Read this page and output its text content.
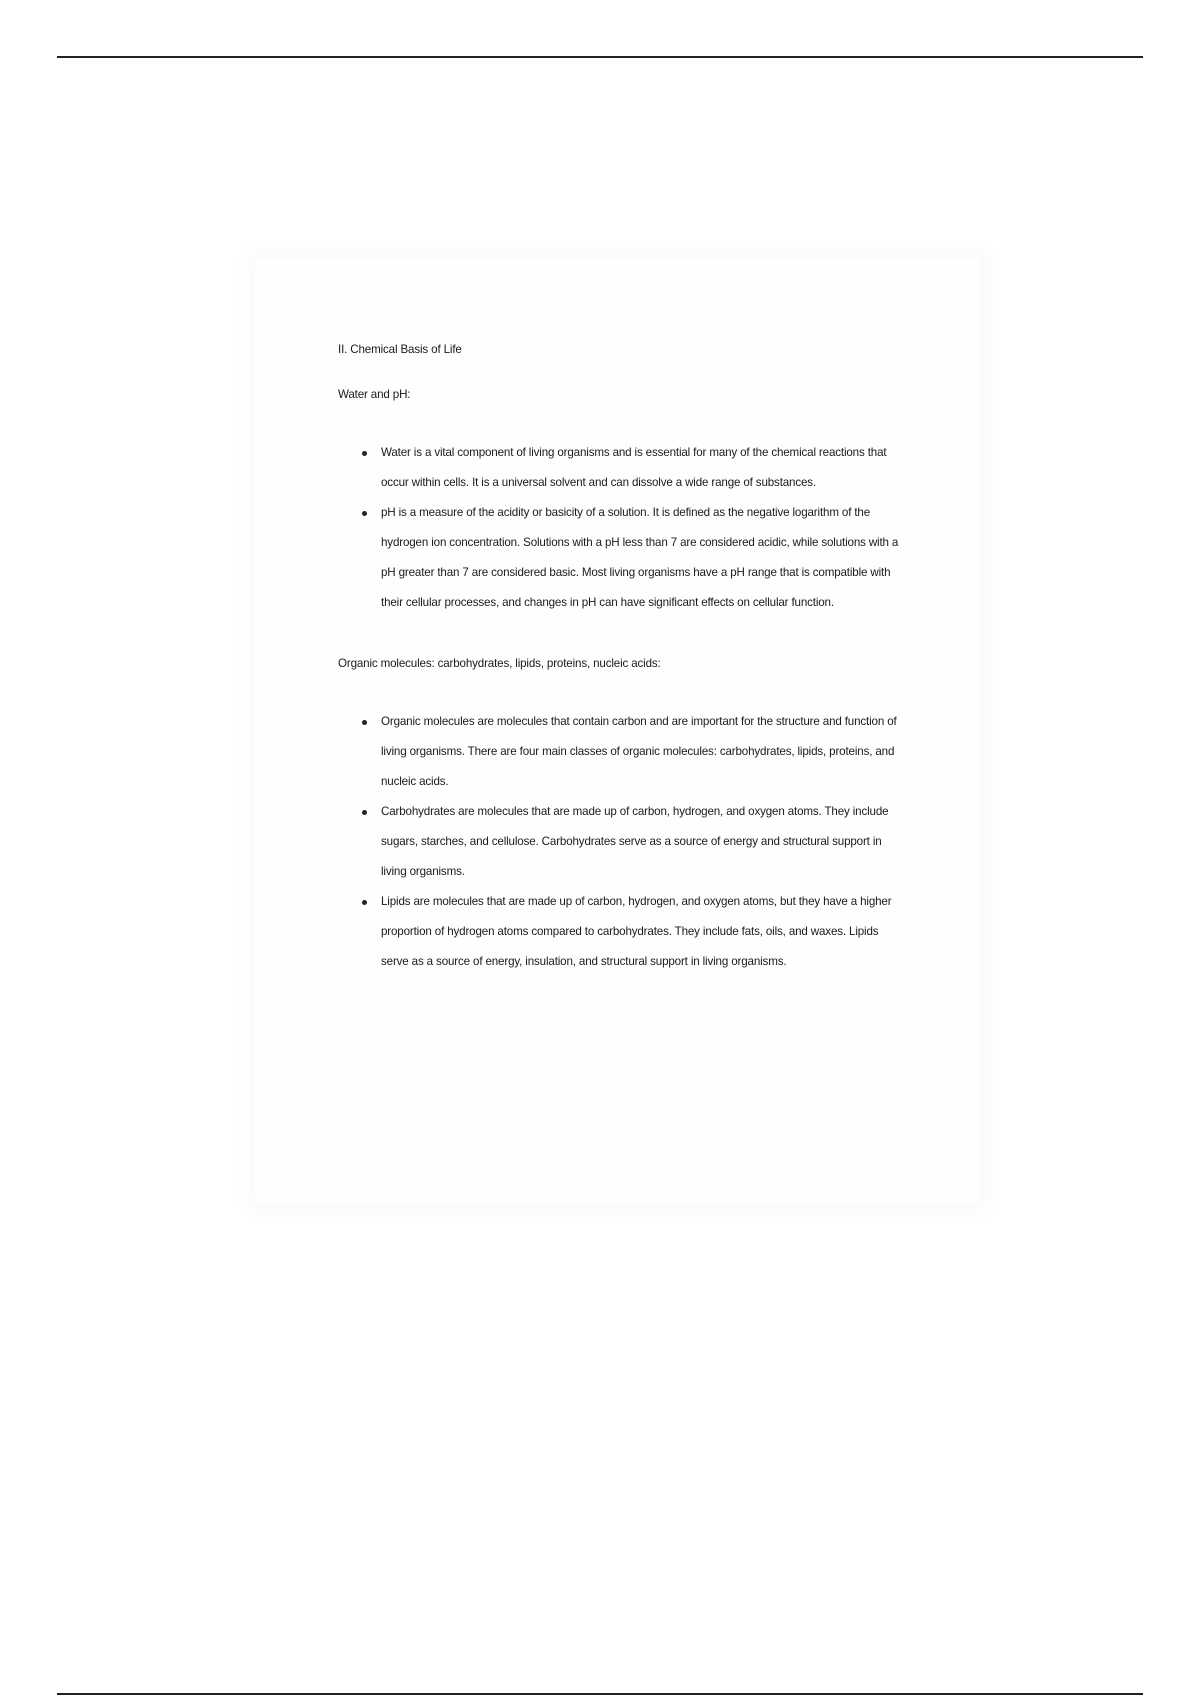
II. Chemical Basis of Life
Water and pH:
Water is a vital component of living organisms and is essential for many of the chemical reactions that occur within cells. It is a universal solvent and can dissolve a wide range of substances.
pH is a measure of the acidity or basicity of a solution. It is defined as the negative logarithm of the hydrogen ion concentration. Solutions with a pH less than 7 are considered acidic, while solutions with a pH greater than 7 are considered basic. Most living organisms have a pH range that is compatible with their cellular processes, and changes in pH can have significant effects on cellular function.
Organic molecules: carbohydrates, lipids, proteins, nucleic acids:
Organic molecules are molecules that contain carbon and are important for the structure and function of living organisms. There are four main classes of organic molecules: carbohydrates, lipids, proteins, and nucleic acids.
Carbohydrates are molecules that are made up of carbon, hydrogen, and oxygen atoms. They include sugars, starches, and cellulose. Carbohydrates serve as a source of energy and structural support in living organisms.
Lipids are molecules that are made up of carbon, hydrogen, and oxygen atoms, but they have a higher proportion of hydrogen atoms compared to carbohydrates. They include fats, oils, and waxes. Lipids serve as a source of energy, insulation, and structural support in living organisms.
